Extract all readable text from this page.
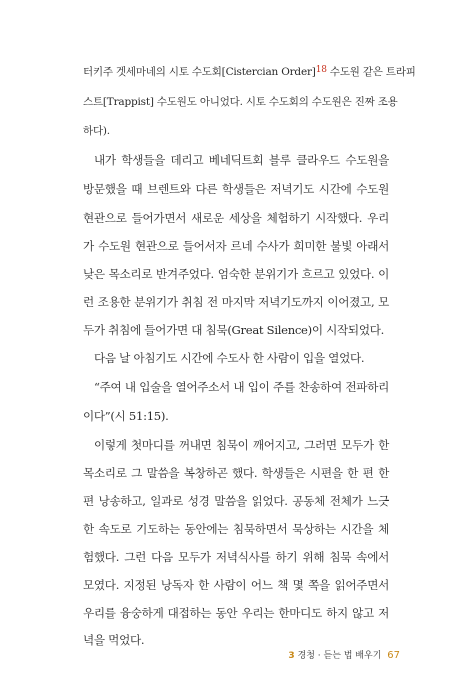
터키주 겟세마네의 시토 수도회[Cistercian Order]18 수도원 같은 트라피
스트[Trappist] 수도원도 아니었다. 시토 수도회의 수도원은 진짜 조용
하다).
내가 학생들을 데리고 베네딕트회 블루 클라우드 수도원을
방문했을 때 브렌트와 다른 학생들은 저녁기도 시간에 수도원
현관으로 들어가면서 새로운 세상을 체험하기 시작했다. 우리
가 수도원 현관으로 들어서자 르네 수사가 희미한 불빛 아래서
낮은 목소리로 반겨주었다. 엄숙한 분위기가 흐르고 있었다. 이
런 조용한 분위기가 취침 전 마지막 저녁기도까지 이어졌고, 모
두가 취침에 들어가면 대 침묵(Great Silence)이 시작되었다.
다음 날 아침기도 시간에 수도사 한 사람이 입을 열었다.
“주여 내 입술을 열어주소서 내 입이 주를 찬송하여 전파하리
이다”(시 51:15).
이렇게 첫마디를 꺼내면 침묵이 깨어지고, 그러면 모두가 한
목소리로 그 말씀을 복창하곤 했다. 학생들은 시편을 한 편 한
편 낭송하고, 일과로 성경 말씀을 읽었다. 공동체 전체가 느긋
한 속도로 기도하는 동안에는 침묵하면서 묵상하는 시간을 체
험했다. 그런 다음 모두가 저녁식사를 하기 위해 침묵 속에서
모였다. 지정된 낭독자 한 사람이 어느 책 몇 쪽을 읽어주면서
우리를 융숭하게 대접하는 동안 우리는 한마디도 하지 않고 저
녁을 먹었다.
3 경청 · 듣는 법 배우기 67
